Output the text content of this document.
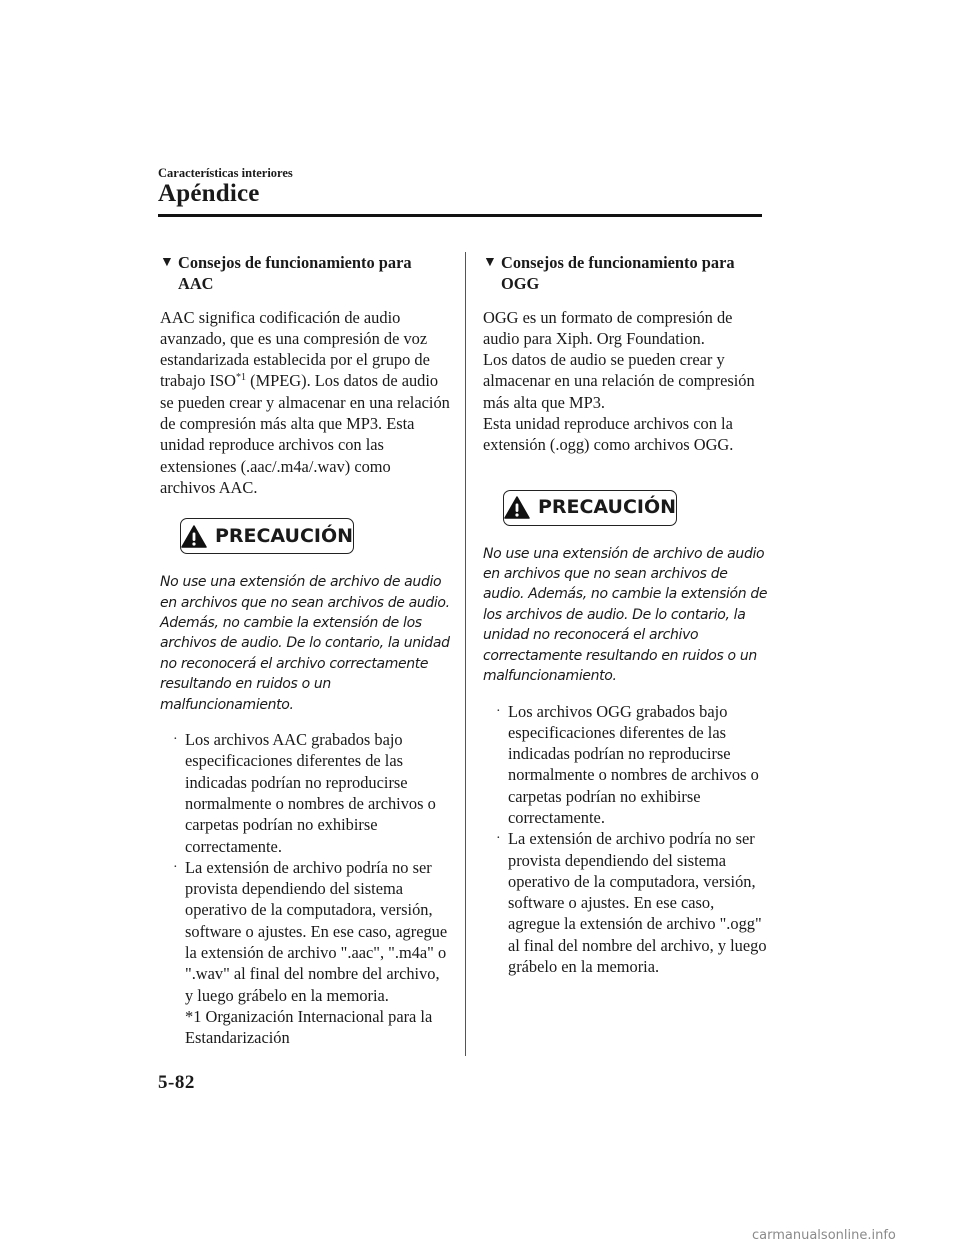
Características interiores
Apéndice
▼ Consejos de funcionamiento para AAC

AAC significa codificación de audio avanzado, que es una compresión de voz estandarizada establecida por el grupo de trabajo ISO$^{*1}$ (MPEG). Los datos de audio se pueden crear y almacenar en una relación de compresión más alta que MP3. Esta unidad reproduce archivos con las extensiones (.aac/.m4a/.wav) como archivos AAC.

PRECAUCIÓN

No use una extensión de archivo de audio en archivos que no sean archivos de audio. Además, no cambie la extensión de los archivos de audio. De lo contario, la unidad no reconocerá el archivo correctamente resultando en ruidos o un malfuncionamiento.

· Los archivos AAC grabados bajo especificaciones diferentes de las indicadas podrían no reproducirse normalmente o nombres de archivos o carpetas podrían no exhibirse correctamente.
· La extensión de archivo podría no ser provista dependiendo del sistema operativo de la computadora, versión, software o ajustes. En ese caso, agregue la extensión de archivo ".aac", ".m4a" o ".wav" al final del nombre del archivo, y luego grábelo en la memoria.
*1 Organización Internacional para la Estandarización
▼ Consejos de funcionamiento para OGG

OGG es un formato de compresión de audio para Xiph. Org Foundation.

Los datos de audio se pueden crear y almacenar en una relación de compresión más alta que MP3.

Esta unidad reproduce archivos con la extensión (.ogg) como archivos OGG.

PRECAUCIÓN

No use una extensión de archivo de audio en archivos que no sean archivos de audio. Además, no cambie la extensión de los archivos de audio. De lo contario, la unidad no reconocerá el archivo correctamente resultando en ruidos o un malfuncionamiento.

· Los archivos OGG grabados bajo especificaciones diferentes de las indicadas podrían no reproducirse normalmente o nombres de archivos o carpetas podrían no exhibirse correctamente.
· La extensión de archivo podría no ser provista dependiendo del sistema operativo de la computadora, versión, software o ajustes. En ese caso, agregue la extensión de archivo ".ogg" al final del nombre del archivo, y luego grábelo en la memoria.
5-82
carmanualsonline.info
